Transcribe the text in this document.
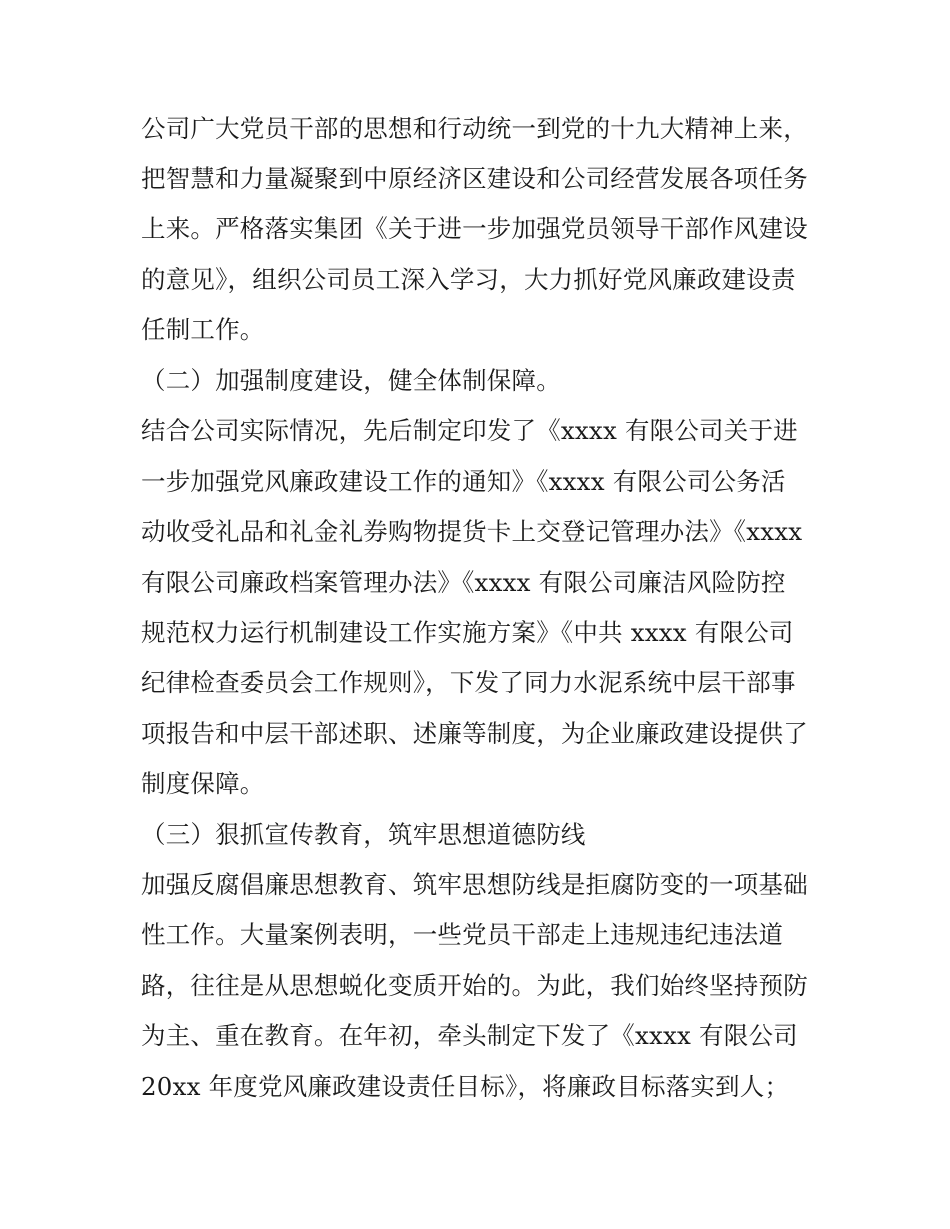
公司广大党员干部的思想和行动统一到党的十九大精神上来，
把智慧和力量凝聚到中原经济区建设和公司经营发展各项任务
上来。严格落实集团《关于进一步加强党员领导干部作风建设
的意见》，组织公司员工深入学习，大力抓好党风廉政建设责
任制工作。
（二）加强制度建设，健全体制保障。
结合公司实际情况，先后制定印发了《xxxx 有限公司关于进
一步加强党风廉政建设工作的通知》《xxxx 有限公司公务活
动收受礼品和礼金礼券购物提货卡上交登记管理办法》《xxxx
有限公司廉政档案管理办法》《xxxx 有限公司廉洁风险防控
规范权力运行机制建设工作实施方案》《中共 xxxx 有限公司
纪律检查委员会工作规则》，下发了同力水泥系统中层干部事
项报告和中层干部述职、述廉等制度，为企业廉政建设提供了
制度保障。
（三）狠抓宣传教育，筑牢思想道德防线
加强反腐倡廉思想教育、筑牢思想防线是拒腐防变的一项基础
性工作。大量案例表明，一些党员干部走上违规违纪违法道
路，往往是从思想蜕化变质开始的。为此，我们始终坚持预防
为主、重在教育。在年初，牵头制定下发了《xxxx 有限公司
20xx 年度党风廉政建设责任目标》，将廉政目标落实到人；
